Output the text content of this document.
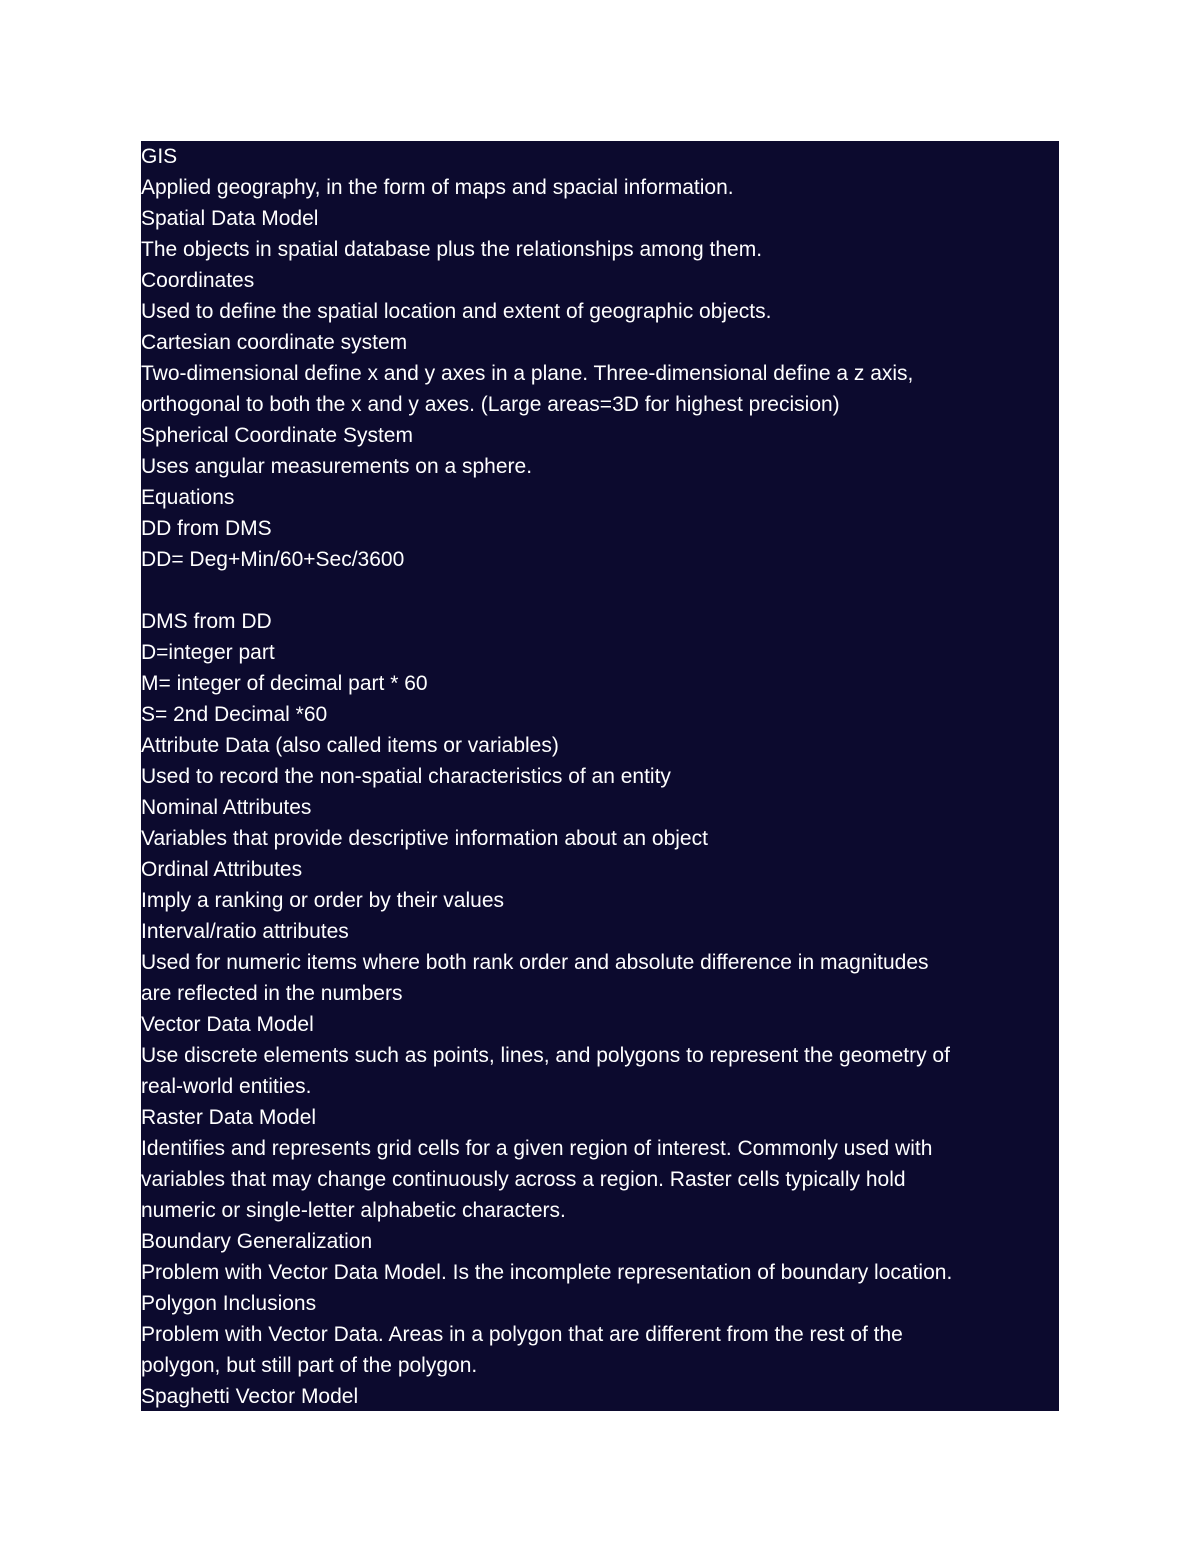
GIS
Applied geography, in the form of maps and spacial information.
Spatial Data Model
The objects in spatial database plus the relationships among them.
Coordinates
Used to define the spatial location and extent of geographic objects.
Cartesian coordinate system
Two-dimensional define x and y axes in a plane. Three-dimensional define a z axis,
orthogonal to both the x and y axes. (Large areas=3D for highest precision)
Spherical Coordinate System
Uses angular measurements on a sphere.
Equations
DD from DMS
DD= Deg+Min/60+Sec/3600
DMS from DD
D=integer part
M= integer of decimal part * 60
S= 2nd Decimal *60
Attribute Data (also called items or variables)
Used to record the non-spatial characteristics of an entity
Nominal Attributes
Variables that provide descriptive information about an object
Ordinal Attributes
Imply a ranking or order by their values
Interval/ratio attributes
Used for numeric items where both rank order and absolute difference in magnitudes
are reflected in the numbers
Vector Data Model
Use discrete elements such as points, lines, and polygons to represent the geometry of
real-world entities.
Raster Data Model
Identifies and represents grid cells for a given region of interest. Commonly used with
variables that may change continuously across a region. Raster cells typically hold
numeric or single-letter alphabetic characters.
Boundary Generalization
Problem with Vector Data Model. Is the incomplete representation of boundary location.
Polygon Inclusions
Problem with Vector Data. Areas in a polygon that are different from the rest of the
polygon, but still part of the polygon.
Spaghetti Vector Model
